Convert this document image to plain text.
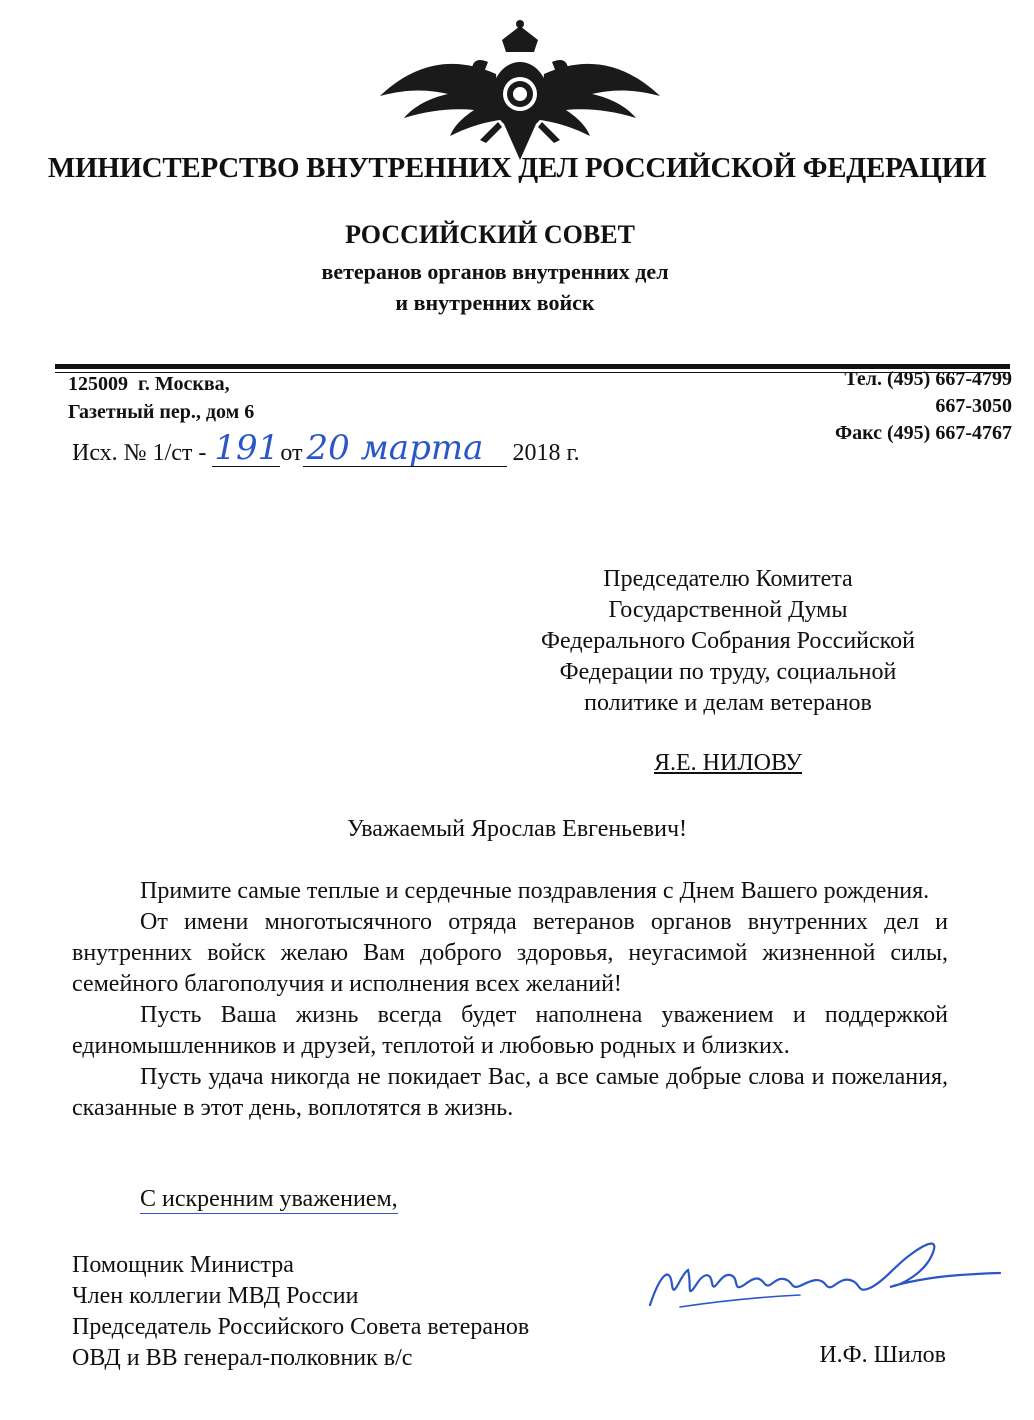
МИНИСТЕРСТВО ВНУТРЕННИХ ДЕЛ РОССИЙСКОЙ ФЕДЕРАЦИИ
РОССИЙСКИЙ СОВЕТ
ветеранов органов внутренних дел
и внутренних войск
125009  г. Москва,
Газетный пер., дом 6
Тел. (495) 667-4799
667-3050
Факс (495) 667-4767
Исх. № 1/ст - 191 от 20 марта 2018 г.
Председателю Комитета
Государственной Думы
Федерального Собрания Российской
Федерации по труду, социальной
политике и делам ветеранов
Я.Е. НИЛОВУ
Уважаемый Ярослав Евгеньевич!

Примите самые теплые и сердечные поздравления с Днем Вашего рождения.

От имени многотысячного отряда ветеранов органов внутренних дел и внутренних войск желаю Вам доброго здоровья, неугасимой жизненной силы, семейного благополучия и исполнения всех желаний!

Пусть Ваша жизнь всегда будет наполнена уважением и поддержкой единомышленников и друзей, теплотой и любовью родных и близких.

Пусть удача никогда не покидает Вас, а все самые добрые слова и пожелания, сказанные в этот день, воплотятся в жизнь.

С искренним уважением,
Помощник Министра
Член коллегии МВД России
Председатель Российского Совета ветеранов
ОВД и ВВ генерал-полковник в/с	И.Ф. Шилов
